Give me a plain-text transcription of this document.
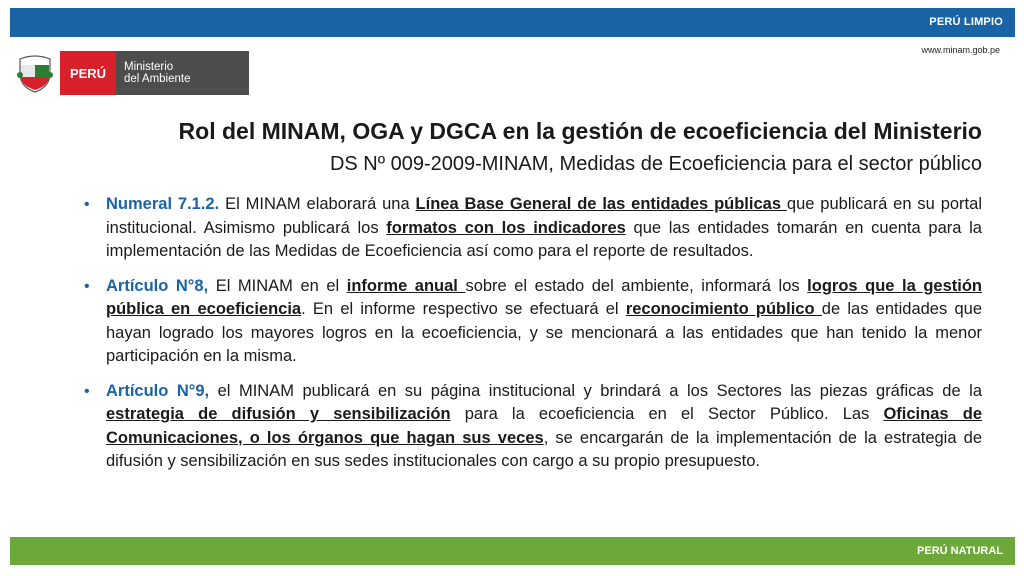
PERÚ LIMPIO
www.minam.gob.pe
PERÚ	Ministerio
del Ambiente
Rol del MINAM, OGA y DGCA en la gestión de ecoeficiencia del Ministerio
DS Nº 009-2009-MINAM, Medidas de Ecoeficiencia para el sector público
• Numeral 7.1.2. El MINAM elaborará una Línea Base General de las entidades públicas que publicará en su portal institucional. Asimismo publicará los formatos con los indicadores que las entidades tomarán en cuenta para la implementación de las Medidas de Ecoeficiencia así como para el reporte de resultados.
• Artículo N°8, El MINAM en el informe anual sobre el estado del ambiente, informará los logros que la gestión pública en ecoeficiencia. En el informe respectivo se efectuará el reconocimiento público de las entidades que hayan logrado los mayores logros en la ecoeficiencia, y se mencionará a las entidades que han tenido la menor participación en la misma.
• Artículo N°9, el MINAM publicará en su página institucional y brindará a los Sectores las piezas gráficas de la estrategia de difusión y sensibilización para la ecoeficiencia en el Sector Público. Las Oficinas de Comunicaciones, o los órganos que hagan sus veces, se encargarán de la implementación de la estrategia de difusión y sensibilización en sus sedes institucionales con cargo a su propio presupuesto.
PERÚ NATURAL
